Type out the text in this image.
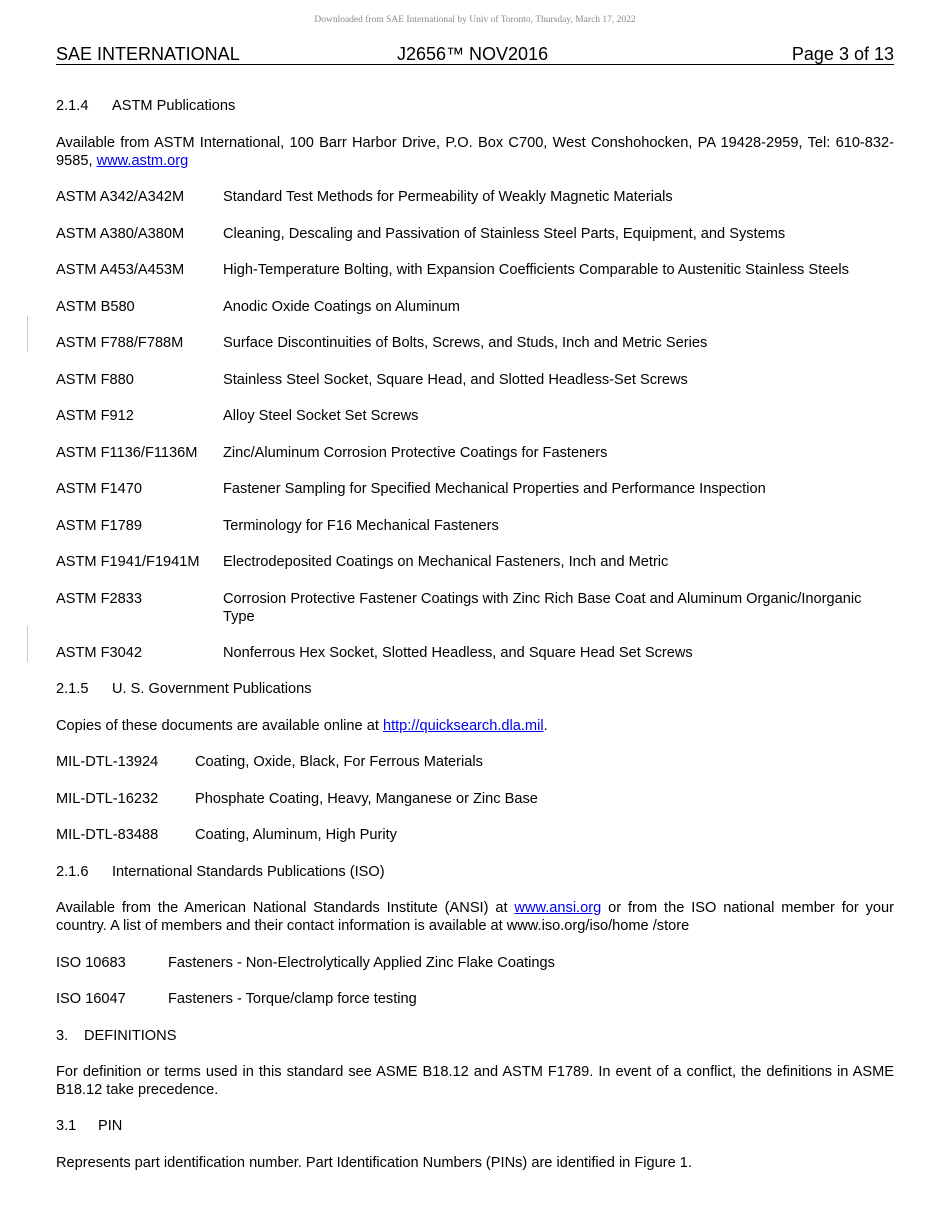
Downloaded from SAE International by Univ of Toronto, Thursday, March 17, 2022
SAE INTERNATIONAL	J2656™ NOV2016	Page 3 of 13

2.1.4 ASTM Publications

Available from ASTM International, 100 Barr Harbor Drive, P.O. Box C700, West Conshohocken, PA 19428-2959, Tel: 610-832-9585, www.astm.org

ASTM A342/A342M	Standard Test Methods for Permeability of Weakly Magnetic Materials
ASTM A380/A380M	Cleaning, Descaling and Passivation of Stainless Steel Parts, Equipment, and Systems
ASTM A453/A453M	High-Temperature Bolting, with Expansion Coefficients Comparable to Austenitic Stainless Steels
ASTM B580	Anodic Oxide Coatings on Aluminum
ASTM F788/F788M	Surface Discontinuities of Bolts, Screws, and Studs, Inch and Metric Series
ASTM F880	Stainless Steel Socket, Square Head, and Slotted Headless-Set Screws
ASTM F912	Alloy Steel Socket Set Screws
ASTM F1136/F1136M Zinc/Aluminum Corrosion Protective Coatings for Fasteners
ASTM F1470	Fastener Sampling for Specified Mechanical Properties and Performance Inspection
ASTM F1789	Terminology for F16 Mechanical Fasteners
ASTM F1941/F1941M Electrodeposited Coatings on Mechanical Fasteners, Inch and Metric
ASTM F2833	Corrosion Protective Fastener Coatings with Zinc Rich Base Coat and Aluminum Organic/Inorganic Type
ASTM F3042	Nonferrous Hex Socket, Slotted Headless, and Square Head Set Screws

2.1.5 U. S. Government Publications

Copies of these documents are available online at http://quicksearch.dla.mil.

MIL-DTL-13924	Coating, Oxide, Black, For Ferrous Materials
MIL-DTL-16232	Phosphate Coating, Heavy, Manganese or Zinc Base
MIL-DTL-83488	Coating, Aluminum, High Purity

2.1.6 International Standards Publications (ISO)

Available from the American National Standards Institute (ANSI) at www.ansi.org or from the ISO national member for your country. A list of members and their contact information is available at www.iso.org/iso/home /store

ISO 10683	Fasteners - Non-Electrolytically Applied Zinc Flake Coatings
ISO 16047	Fasteners - Torque/clamp force testing

3. DEFINITIONS

For definition or terms used in this standard see ASME B18.12 and ASTM F1789. In event of a conflict, the definitions in ASME B18.12 take precedence.

3.1 PIN

Represents part identification number. Part Identification Numbers (PINs) are identified in Figure 1.
